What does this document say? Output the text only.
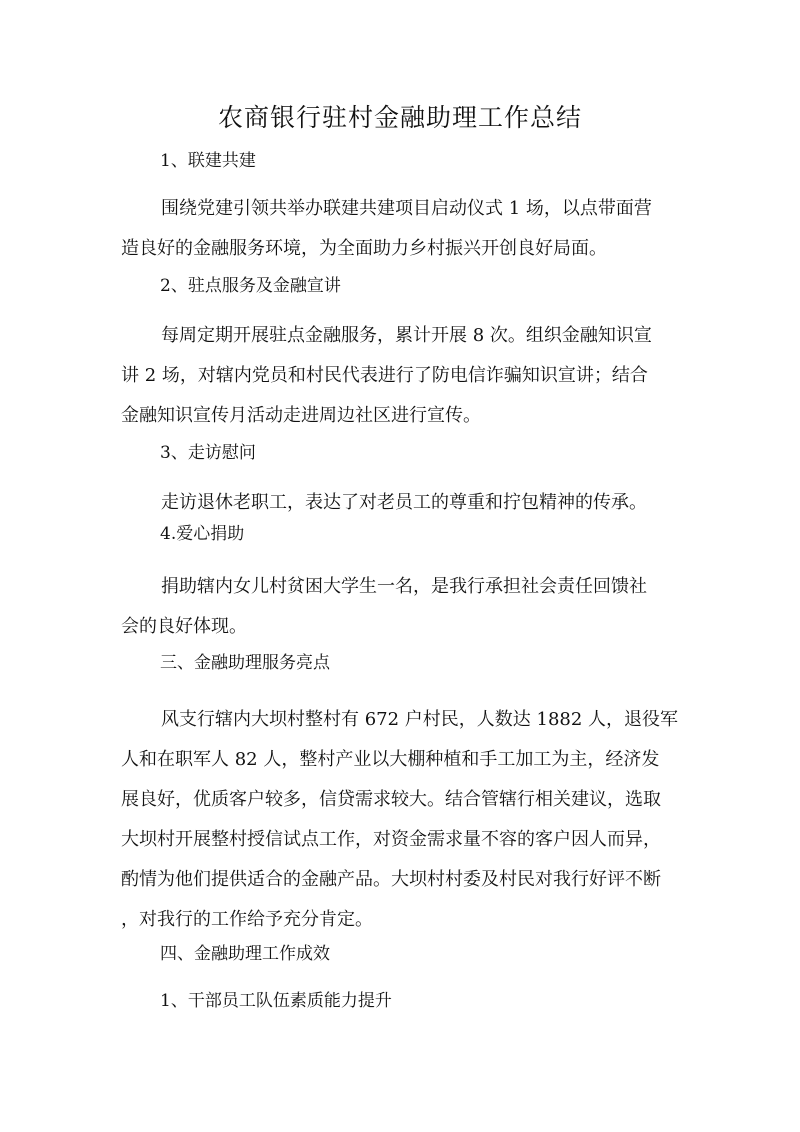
农商银行驻村金融助理工作总结
1、联建共建
围绕党建引领共举办联建共建项目启动仪式 1 场，以点带面营
造良好的金融服务环境，为全面助力乡村振兴开创良好局面。
2、驻点服务及金融宣讲
每周定期开展驻点金融服务，累计开展 8 次。组织金融知识宣
讲 2 场，对辖内党员和村民代表进行了防电信诈骗知识宣讲；结合
金融知识宣传月活动走进周边社区进行宣传。
3、走访慰问
走访退休老职工，表达了对老员工的尊重和拧包精神的传承。
4.爱心捐助
捐助辖内女儿村贫困大学生一名，是我行承担社会责任回馈社
会的良好体现。
三、金融助理服务亮点
风支行辖内大坝村整村有 672 户村民，人数达 1882 人，退役军
人和在职军人 82 人，整村产业以大棚种植和手工加工为主，经济发
展良好，优质客户较多，信贷需求较大。结合管辖行相关建议，选取
大坝村开展整村授信试点工作，对资金需求量不容的客户因人而异，
酌情为他们提供适合的金融产品。大坝村村委及村民对我行好评不断
，对我行的工作给予充分肯定。
四、金融助理工作成效
1、干部员工队伍素质能力提升
